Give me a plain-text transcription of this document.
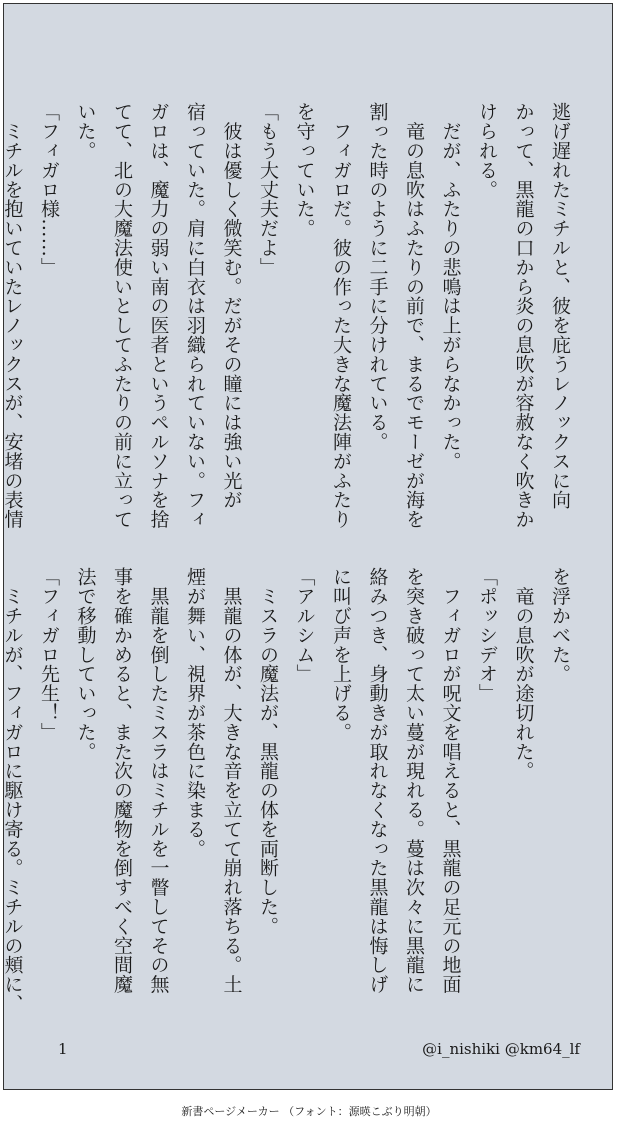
逃げ遅れたミチルと、彼を庇うレノックスに向

かって、黒龍の口から炎の息吹が容赦なく吹きか

けられる。

　だが、ふたりの悲鳴は上がらなかった。

　竜の息吹はふたりの前で、まるでモーゼが海を

割った時のように二手に分けれている。

　フィガロだ。彼の作った大きな魔法陣がふたり

を守っていた。

「もう大丈夫だよ」

　彼は優しく微笑む。だがその瞳には強い光が

宿っていた。肩に白衣は羽織られていない。フィ

ガロは、魔力の弱い南の医者というペルソナを捨

てて、北の大魔法使いとしてふたりの前に立って

いた。

「フィガロ様……」

　ミチルを抱いていたレノックスが、安堵の表情

を浮かべた。

　竜の息吹が途切れた。

「ポッシデオ」

　フィガロが呪文を唱えると、黒龍の足元の地面

を突き破って太い蔓が現れる。蔓は次々に黒龍に

絡みつき、身動きが取れなくなった黒龍は悔しげ

に叫び声を上げる。

「アルシム」

　ミスラの魔法が、黒龍の体を両断した。

　黒龍の体が、大きな音を立てて崩れ落ちる。土

煙が舞い、視界が茶色に染まる。

　黒龍を倒したミスラはミチルを一瞥してその無

事を確かめると、また次の魔物を倒すべく空間魔

法で移動していった。

「フィガロ先生！」

　ミチルが、フィガロに駆け寄る。ミチルの頬に、

1	@i_nishiki @km64_lf
新書ページメーカー （フォント：源暎こぶり明朝）
